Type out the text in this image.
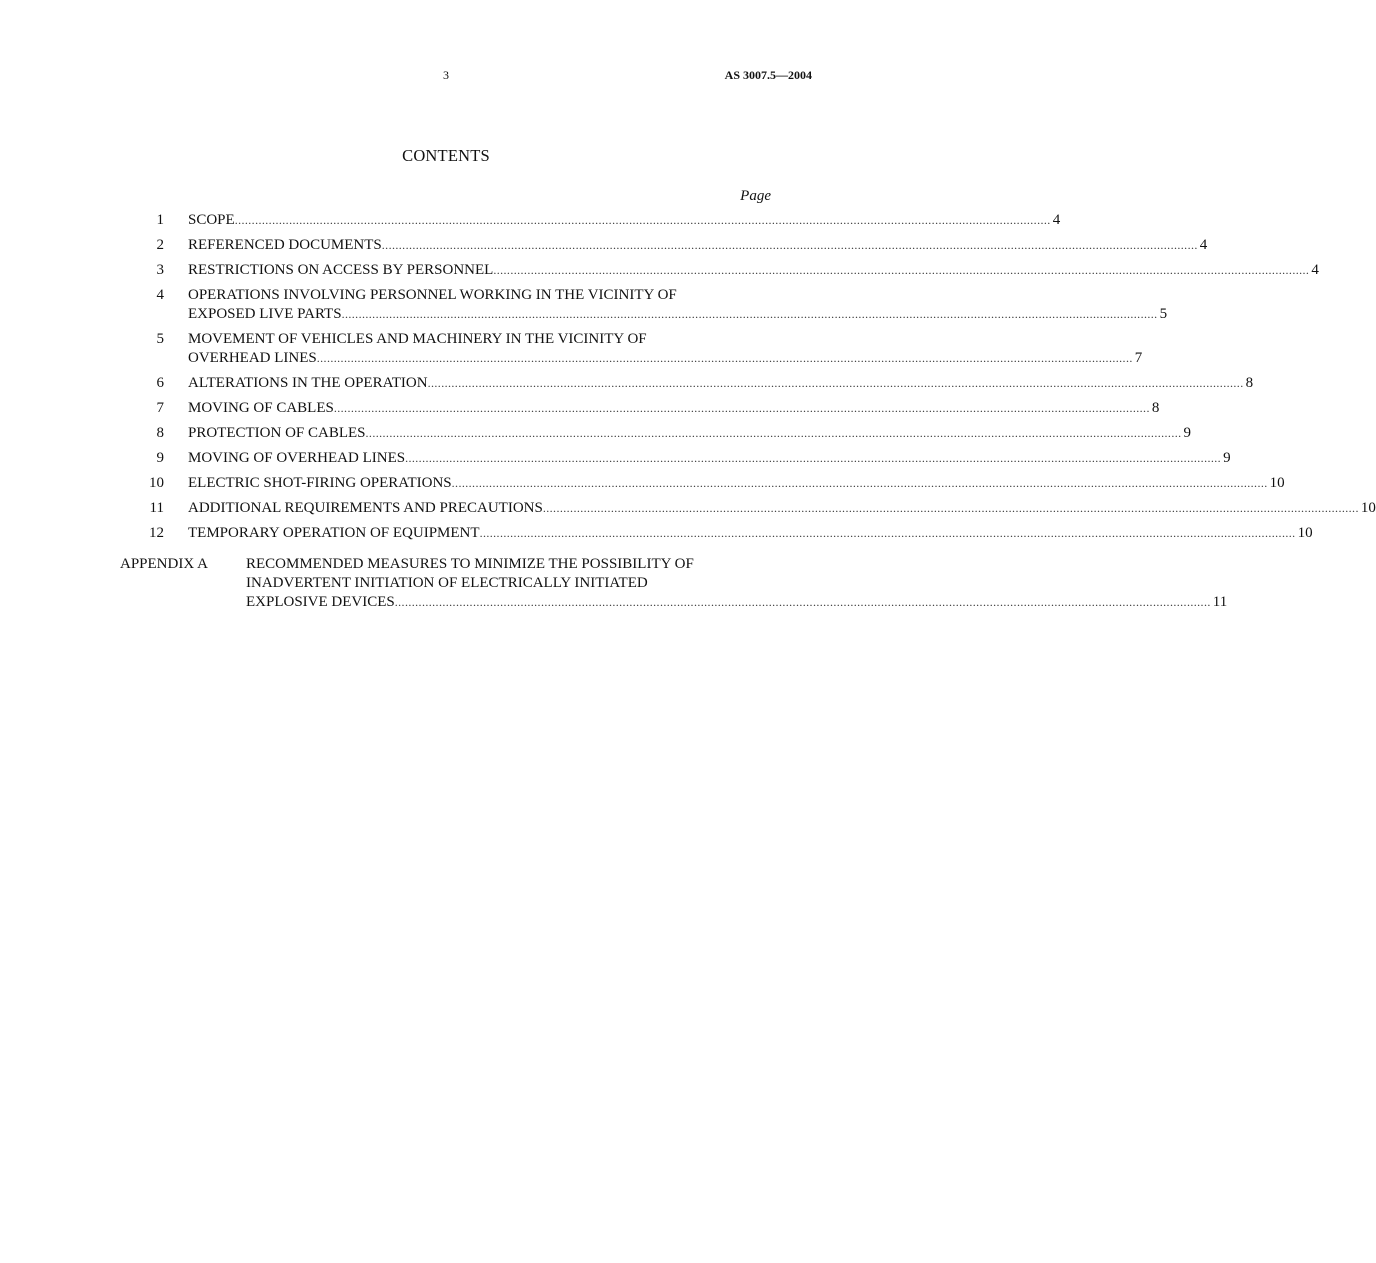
3	AS 3007.5—2004
CONTENTS
Page
1 SCOPE .....	4
2 REFERENCED DOCUMENTS .....	4
3 RESTRICTIONS ON ACCESS BY PERSONNEL .....	4
4 OPERATIONS INVOLVING PERSONNEL WORKING IN THE VICINITY OF
EXPOSED LIVE PARTS .....	5
5 MOVEMENT OF VEHICLES AND MACHINERY IN THE VICINITY OF
OVERHEAD LINES .....	7
6 ALTERATIONS IN THE OPERATION .....	8
7 MOVING OF CABLES .....	8
8 PROTECTION OF CABLES .....	9
9 MOVING OF OVERHEAD LINES .....	9
10 ELECTRIC SHOT-FIRING OPERATIONS .....	10
11 ADDITIONAL REQUIREMENTS AND PRECAUTIONS .....	10
12 TEMPORARY OPERATION OF EQUIPMENT .....	10
APPENDIX A	RECOMMENDED MEASURES TO MINIMIZE THE POSSIBILITY OF
INADVERTENT INITIATION OF ELECTRICALLY INITIATED
EXPLOSIVE DEVICES .....	11
